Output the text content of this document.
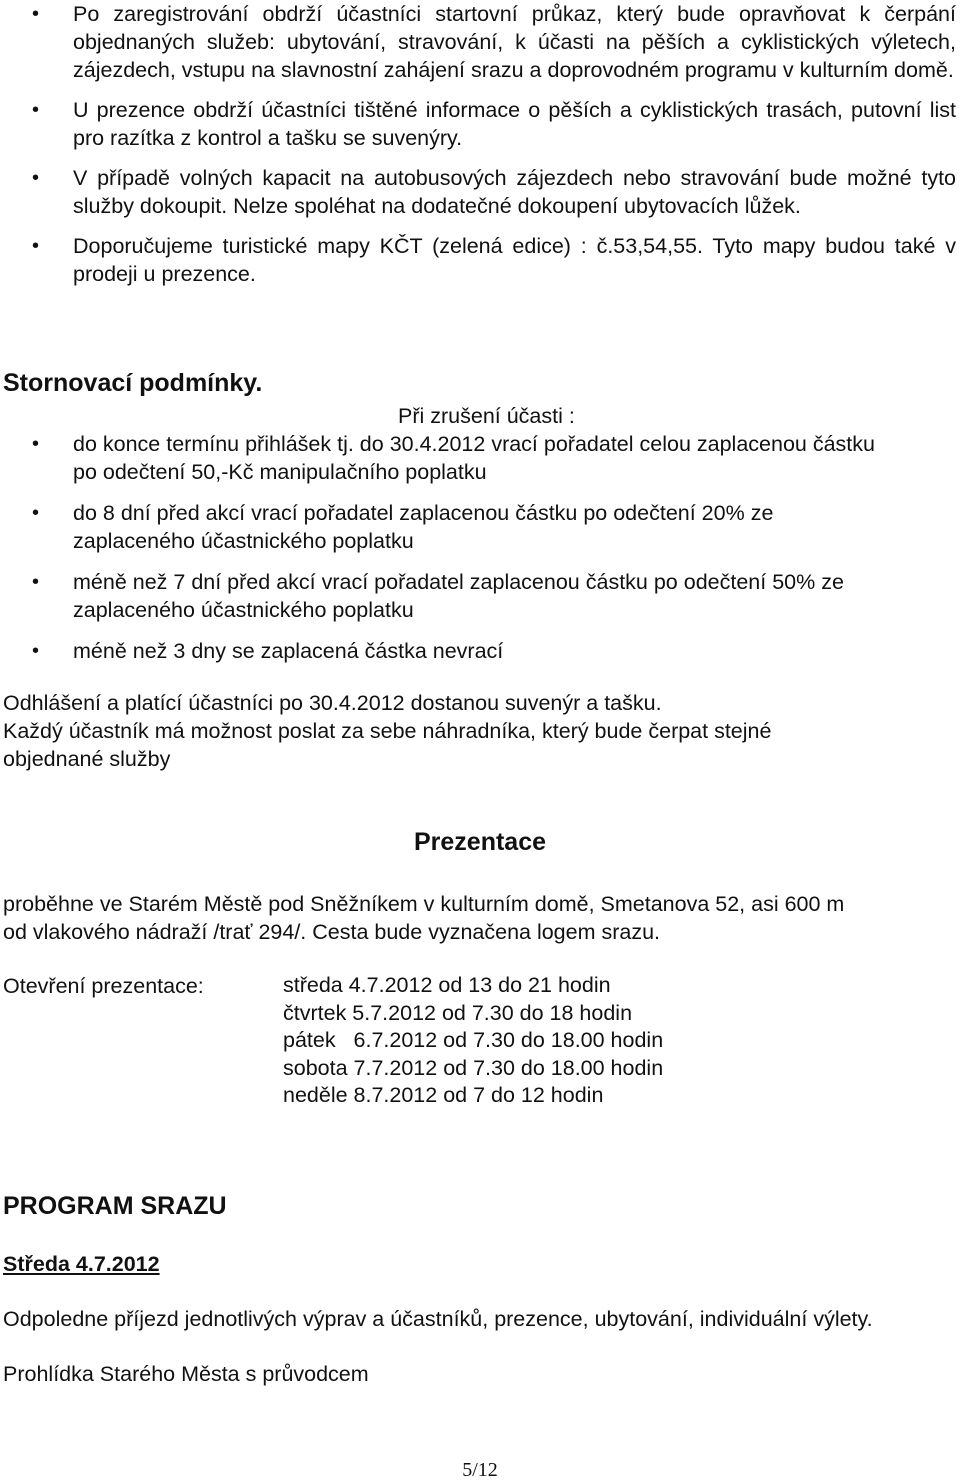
• Po zaregistrování obdrží účastníci startovní průkaz, který bude opravňovat k čerpání objednaných služeb: ubytování, stravování, k účasti na pěších a cyklistických výletech, zájezdech, vstupu na slavnostní zahájení srazu a doprovodném programu v kulturním domě.
• U prezence obdrží účastníci tištěné informace o pěších a cyklistických trasách, putovní list pro razítka z kontrol a tašku se suvenýry.
• V případě volných kapacit na autobusových zájezdech nebo stravování bude možné tyto služby dokoupit. Nelze spoléhat na dodatečné dokoupení ubytovacích lůžek.
• Doporučujeme turistické mapy KČT (zelená edice) : č.53,54,55. Tyto mapy budou také v prodeji u prezence.
Stornovací podmínky.
Při zrušení účasti :
• do konce termínu přihlášek tj. do 30.4.2012 vrací pořadatel celou zaplacenou částku po odečtení 50,-Kč manipulačního poplatku
• do 8 dní před akcí vrací pořadatel zaplacenou částku po odečtení 20% ze zaplaceného účastnického poplatku
• méně než 7 dní před akcí vrací pořadatel zaplacenou částku po odečtení 50% ze zaplaceného účastnického poplatku
• méně než 3 dny se zaplacená částka nevrací
Odhlášení a platící účastníci po 30.4.2012 dostanou suvenýr a tašku.
Každý účastník má možnost poslat za sebe náhradníka, který bude čerpat stejné objednané služby
Prezentace
proběhne ve Starém Městě pod Sněžníkem v kulturním domě, Smetanova 52, asi 600 m od vlakového nádraží /trať 294/. Cesta bude vyznačena logem srazu.
Otevření prezentace:	středa 4.7.2012 od 13 do 21 hodin
čtvrtek 5.7.2012 od 7.30 do 18 hodin
pátek   6.7.2012 od 7.30 do 18.00 hodin
sobota 7.7.2012 od 7.30 do 18.00 hodin
neděle 8.7.2012 od 7 do 12 hodin
PROGRAM SRAZU
Středa 4.7.2012
Odpoledne příjezd jednotlivých výprav a účastníků, prezence, ubytování, individuální výlety.
Prohlídka Starého Města s průvodcem
5/12
